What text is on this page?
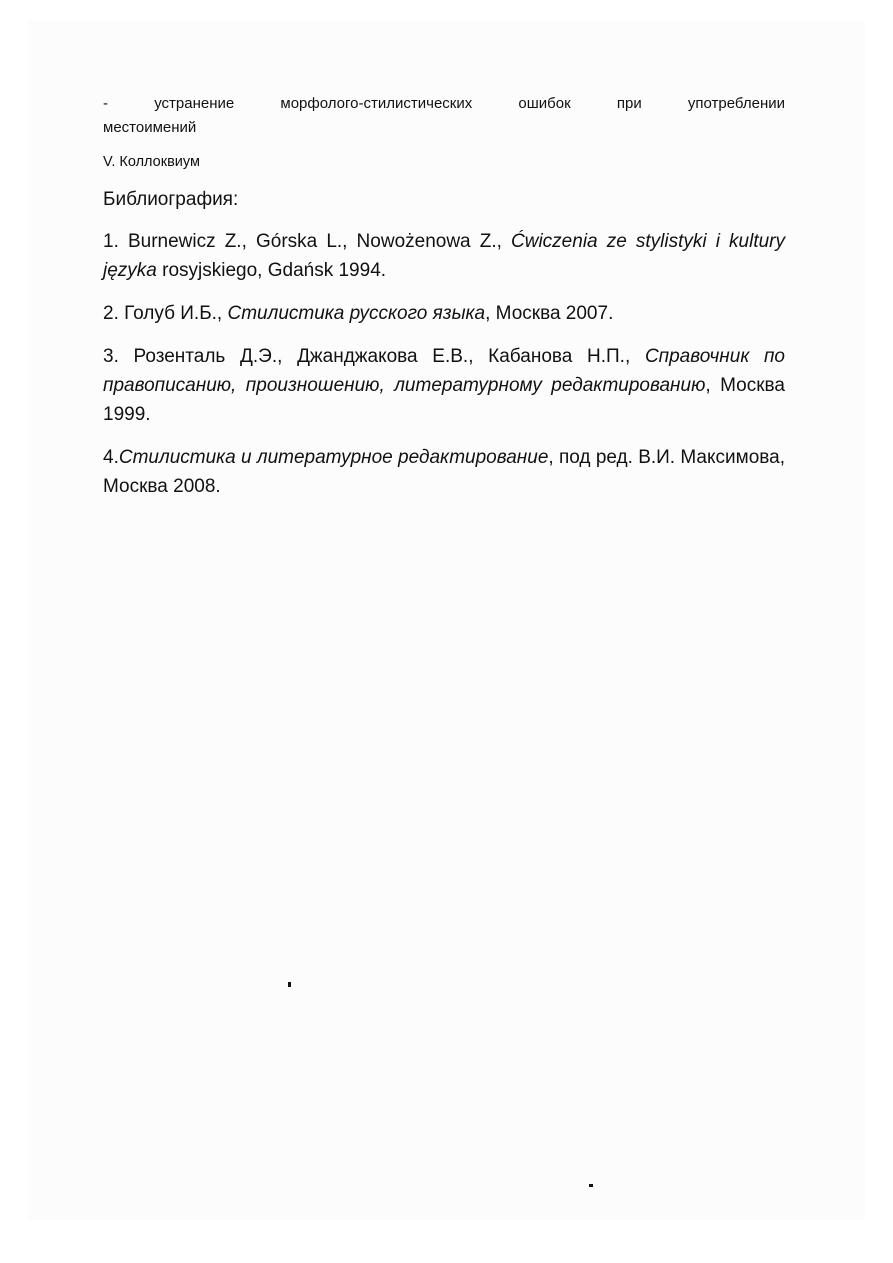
-	устранение	морфолого-стилистических	ошибок	при	употреблении

местоимений

V. Коллоквиум

Библиография:

1. Burnewicz Z., Górska L., Nowożenowa Z., Ćwiczenia ze stylistyki i kultury języka rosyjskiego, Gdańsk 1994.

2. Голуб И.Б., Стилистика русского языка, Москва 2007.

3. Розенталь Д.Э., Джанджакова Е.В., Кабанова Н.П., Справочник по правописанию, произношению, литературному редактированию, Москва 1999.

4.Стилистика и литературное редактирование, под ред. В.И. Максимова, Москва 2008.
